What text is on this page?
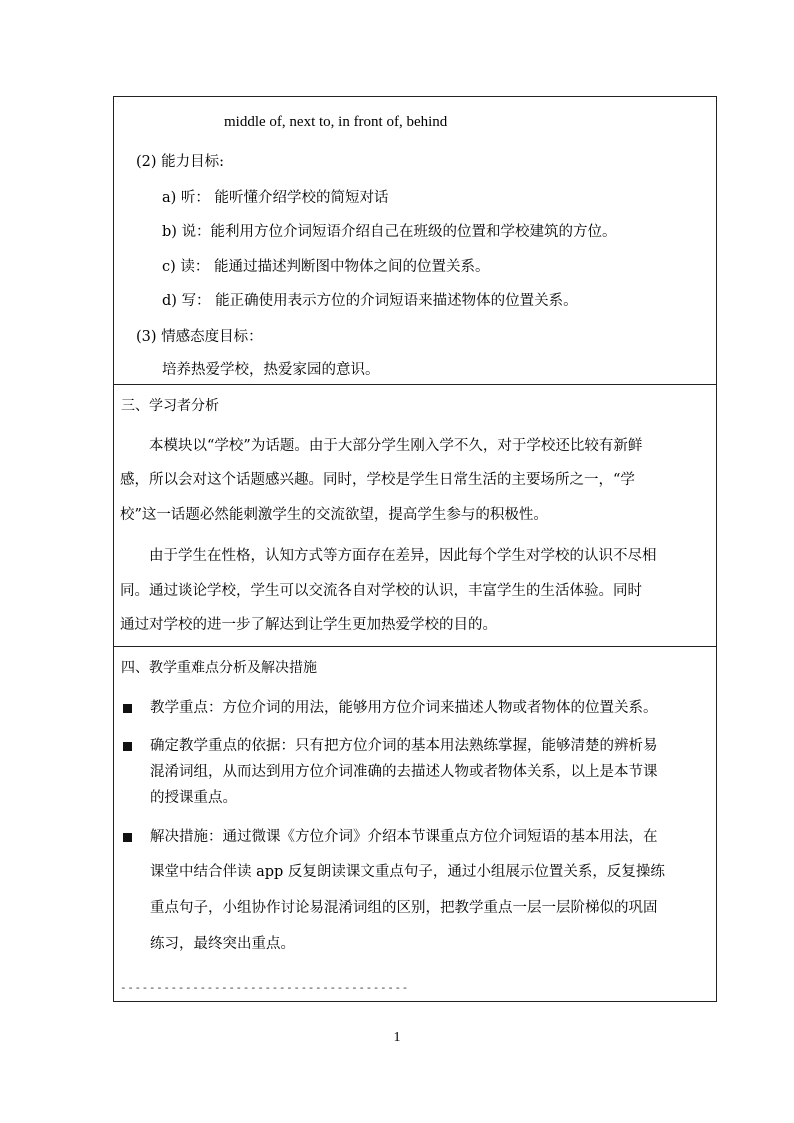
middle of, next to, in front of, behind
(2) 能力目标:
a) 听： 能听懂介绍学校的简短对话
b) 说：能利用方位介词短语介绍自己在班级的位置和学校建筑的方位。
c) 读： 能通过描述判断图中物体之间的位置关系。
d) 写： 能正确使用表示方位的介词短语来描述物体的位置关系。
(3) 情感态度目标：
培养热爱学校，热爱家园的意识。
三、学习者分析
本模块以“学校”为话题。由于大部分学生刚入学不久，对于学校还比较有新鲜
感，所以会对这个话题感兴趣。同时，学校是学生日常生活的主要场所之一，“学
校”这一话题必然能刺激学生的交流欲望，提高学生参与的积极性。
由于学生在性格，认知方式等方面存在差异，因此每个学生对学校的认识不尽相
同。通过谈论学校，学生可以交流各自对学校的认识，丰富学生的生活体验。同时
通过对学校的进一步了解达到让学生更加热爱学校的目的。
四、教学重难点分析及解决措施
教学重点：方位介词的用法，能够用方位介词来描述人物或者物体的位置关系。
确定教学重点的依据：只有把方位介词的基本用法熟练掌握，能够清楚的辨析易
混淆词组，从而达到用方位介词准确的去描述人物或者物体关系，以上是本节课
的授课重点。
解决措施：通过微课《方位介词》介绍本节课重点方位介词短语的基本用法，在
课堂中结合伴读 app 反复朗读课文重点句子，通过小组展示位置关系，反复操练
重点句子，小组协作讨论易混淆词组的区别，把教学重点一层一层阶梯似的巩固
练习，最终突出重点。
----------------------------------------
1
